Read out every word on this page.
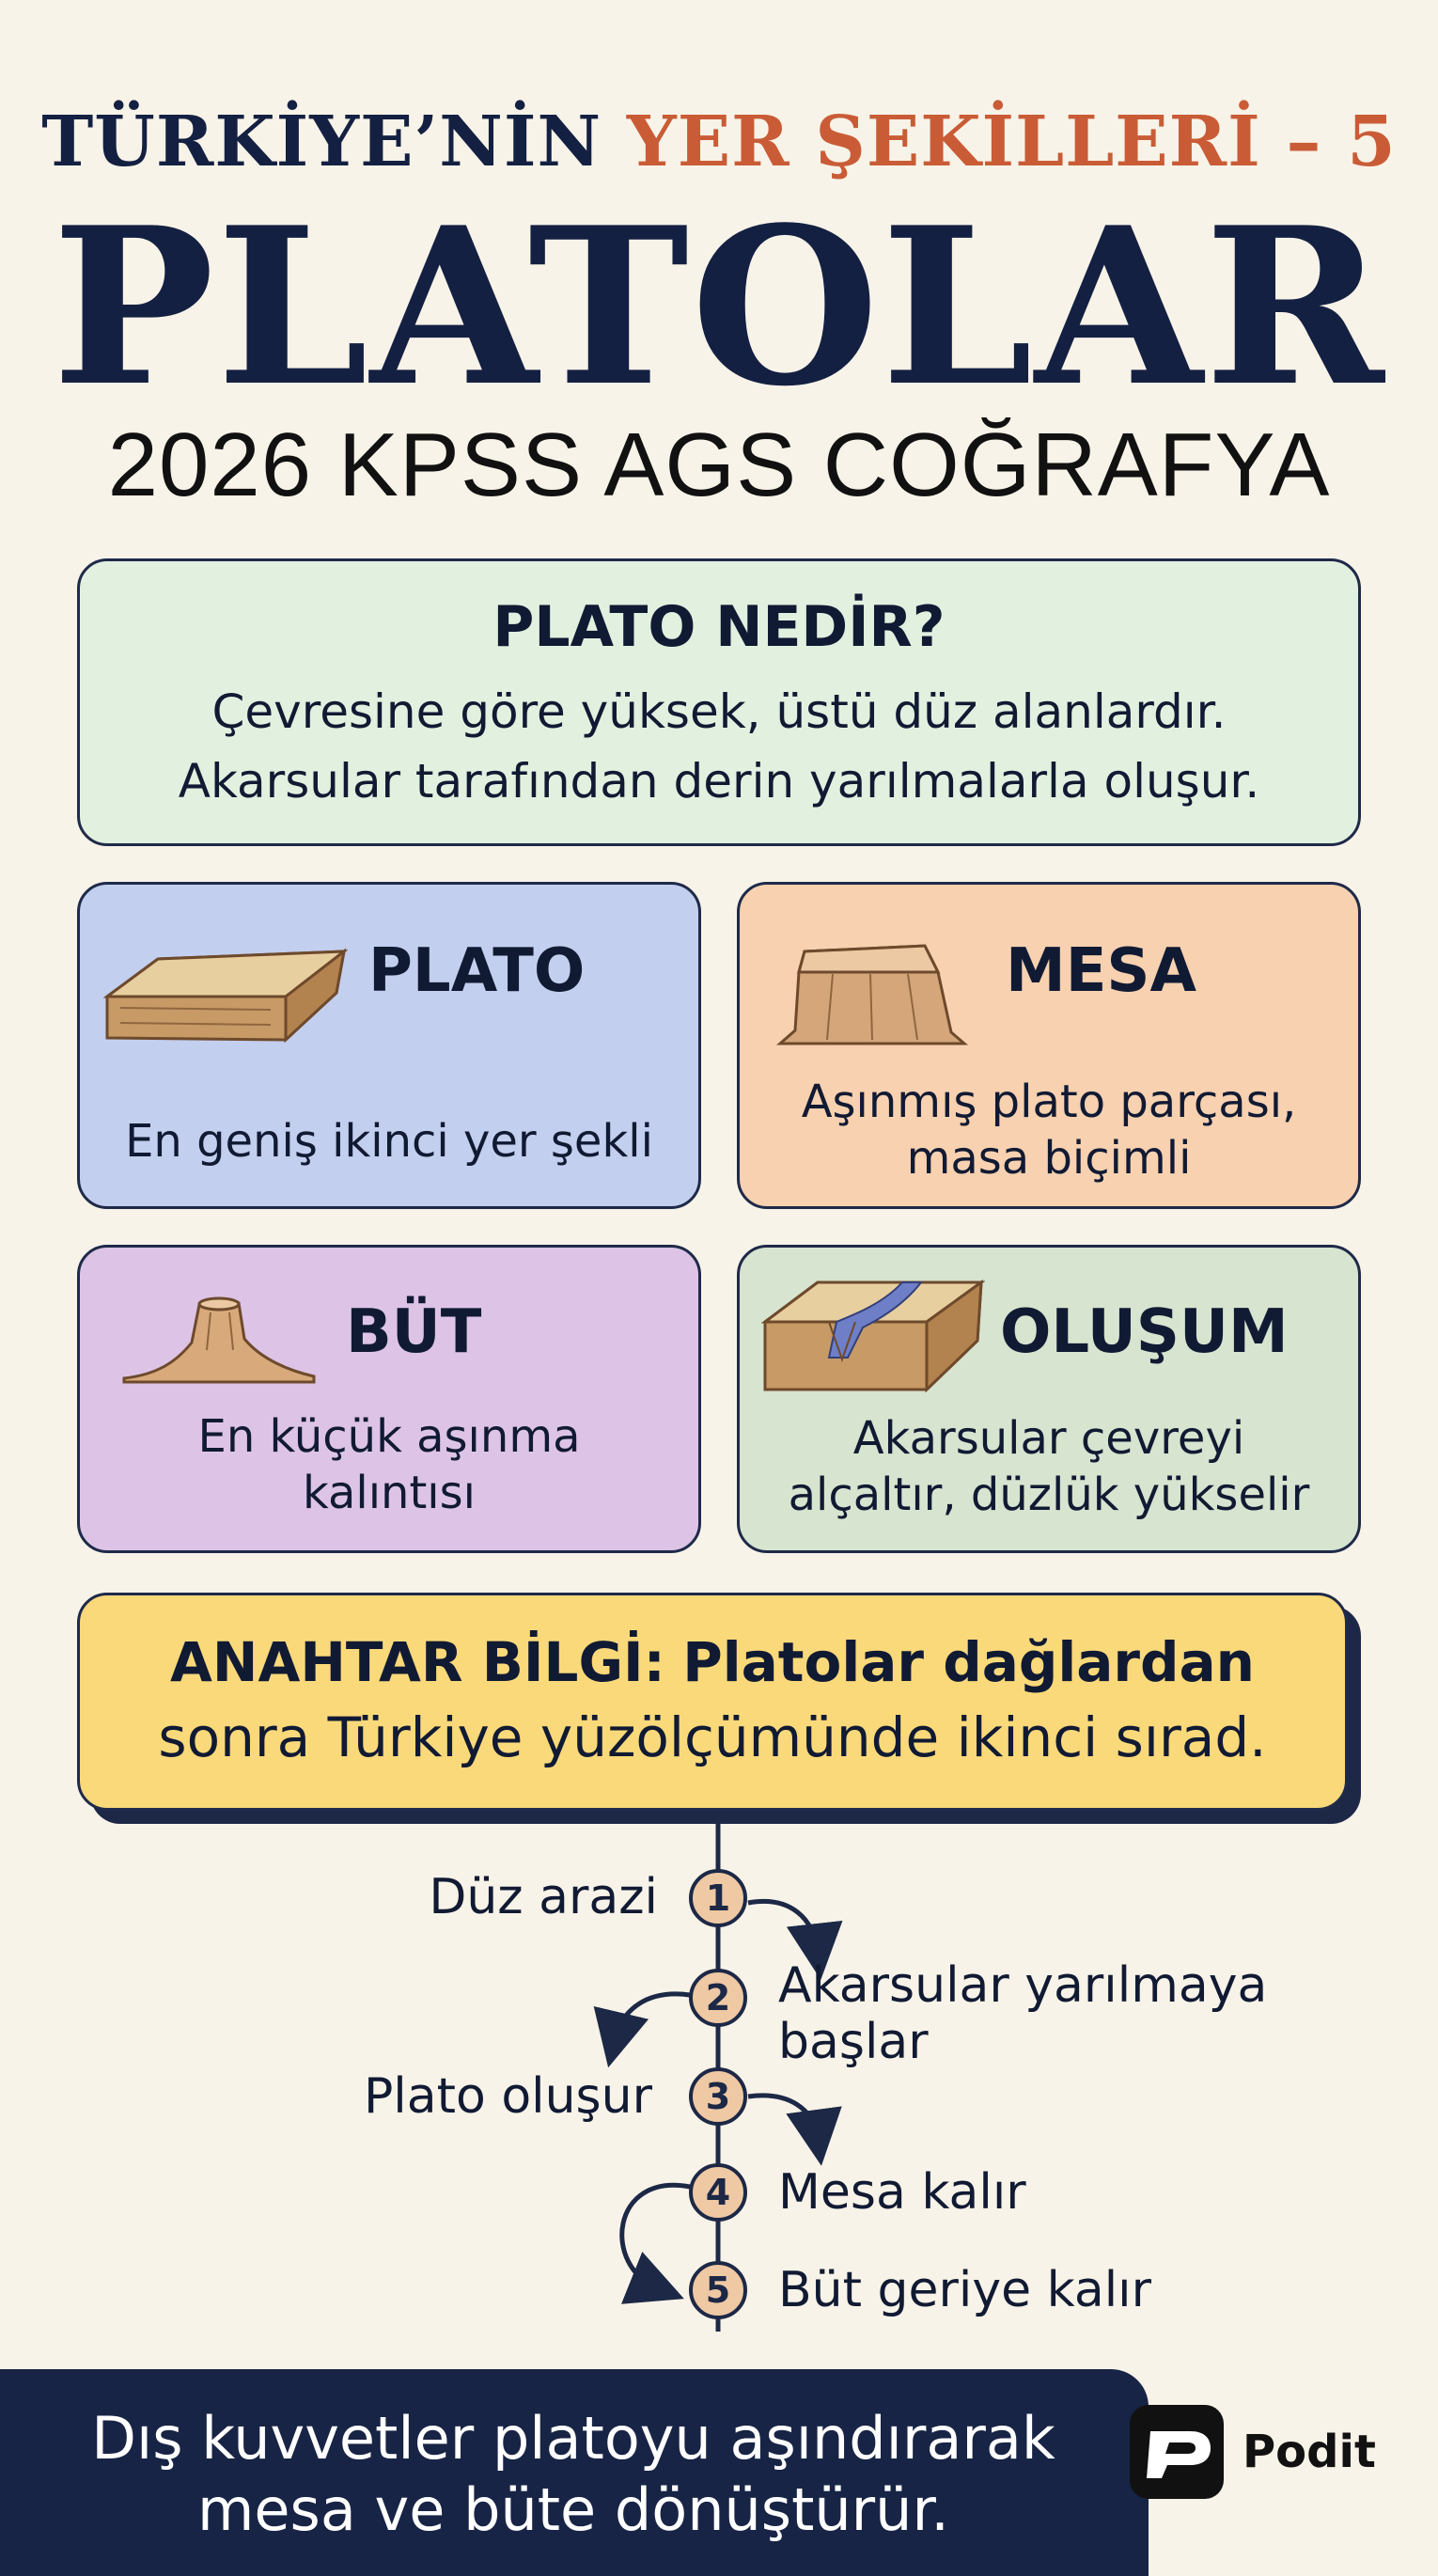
TÜRKİYE’NİN YER ŞEKİLLERİ – 5
PLATOLAR
2026 KPSS AGS COĞRAFYA
PLATO NEDİR?
Çevresine göre yüksek, üstü düz alanlardır.
Akarsular tarafından derin yarılmalarla oluşur.
PLATO
En geniş ikinci yer şekli
MESA
Aşınmış plato parçası,
masa biçimli
BÜT
En küçük aşınma
kalıntısı
OLUŞUM
Akarsular çevreyi
alçaltır, düzlük yükselir
ANAHTAR BİLGİ: Platolar dağlardan
sonra Türkiye yüzölçümünde ikinci sırad.
1
2
3
4
5
Düz arazi
Akarsular yarılmaya
başlar
Plato oluşur
Mesa kalır
Büt geriye kalır
Dış kuvvetler platoyu aşındırarak
mesa ve büte dönüştürür.
Podit
